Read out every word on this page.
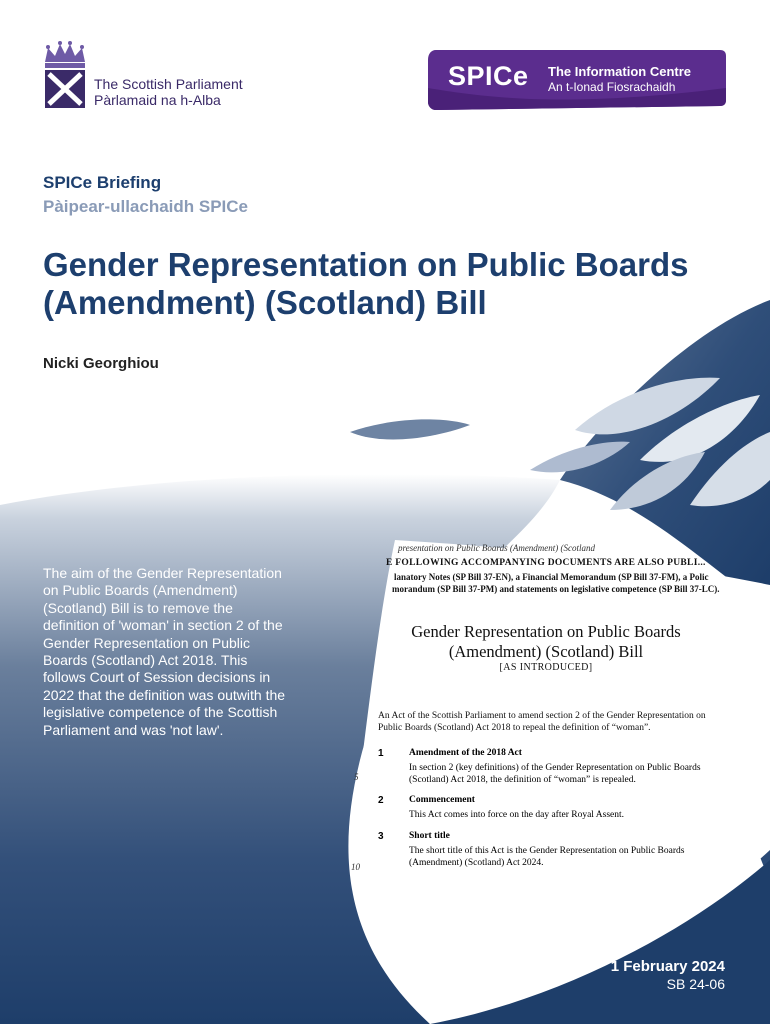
The Scottish Parliament
Pàrlamaid na h-Alba
SPICe The Information Centre
An t-Ionad Fiosrachaidh
SPICe Briefing
Pàipear-ullachaidh SPICe
Gender Representation on Public Boards (Amendment) (Scotland) Bill
Nicki Georghiou
The aim of the Gender Representation on Public Boards (Amendment) (Scotland) Bill is to remove the definition of 'woman' in section 2 of the Gender Representation on Public Boards (Scotland) Act 2018. This follows Court of Session decisions in 2022 that the definition was outwith the legislative competence of the Scottish Parliament and was 'not law'.
presentation on Public Boards (Amendment) (Scotland
E FOLLOWING ACCOMPANYING DOCUMENTS ARE ALSO PUBLI...
lanatory Notes (SP Bill 37-EN), a Financial Memorandum (SP Bill 37-FM), a Polic
morandum (SP Bill 37-PM) and statements on legislative competence (SP Bill 37-LC).
Gender Representation on Public Boards (Amendment) (Scotland) Bill
[AS INTRODUCED]
An Act of the Scottish Parliament to amend section 2 of the Gender Representation on Public Boards (Scotland) Act 2018 to repeal the definition of “woman”.
1	Amendment of the 2018 Act
In section 2 (key definitions) of the Gender Representation on Public Boards (Scotland) Act 2018, the definition of “woman” is repealed.
2	Commencement
This Act comes into force on the day after Royal Assent.
3	Short title
The short title of this Act is the Gender Representation on Public Boards (Amendment) (Scotland) Act 2024.
5
10
1 February 2024
SB 24-06
